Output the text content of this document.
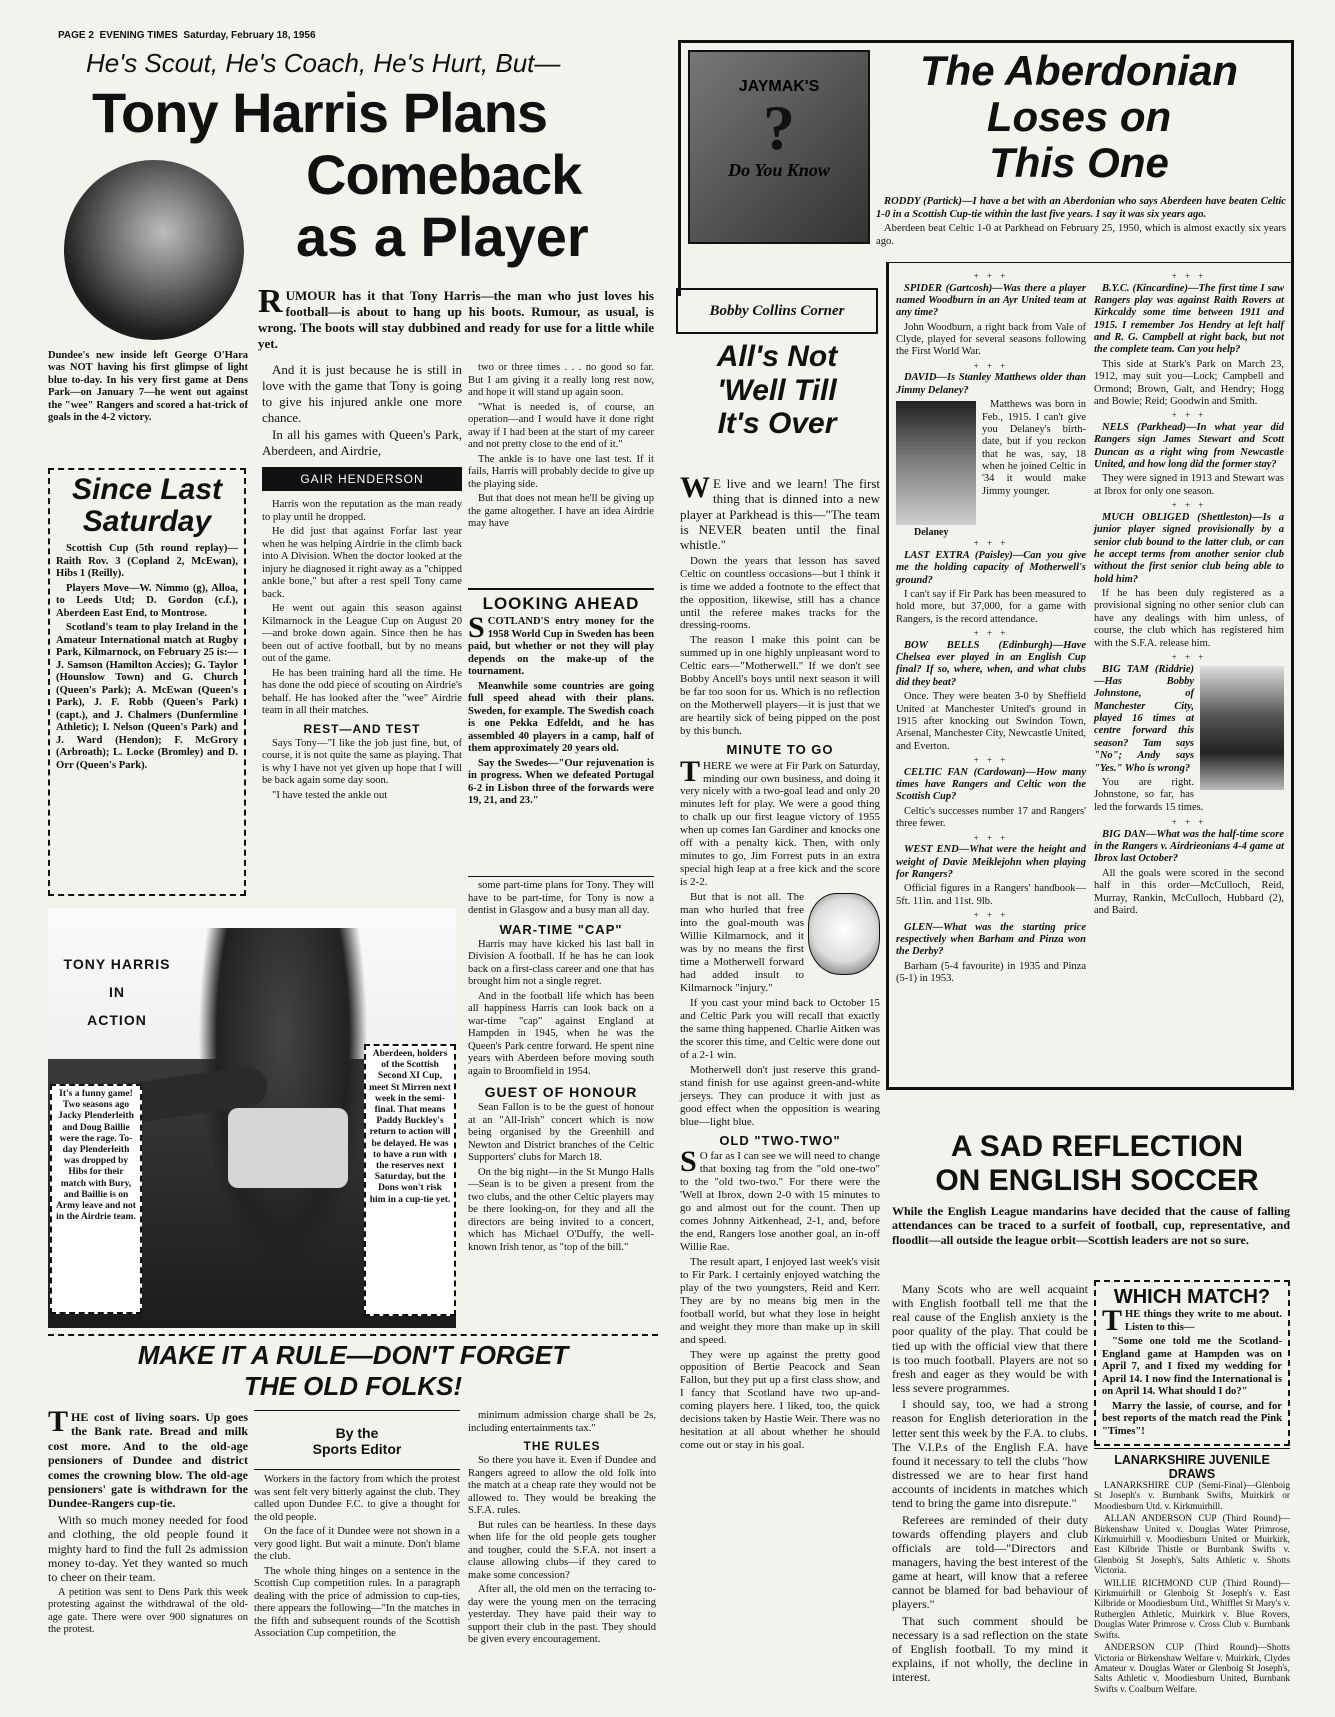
PAGE 2 EVENING TIMES Saturday, February 18, 1956
He's Scout, He's Coach, He's Hurt, But—
Tony Harris Plans
Comeback
as a Player
Dundee's new inside left George O'Hara was NOT having his first glimpse of light blue to-day. In his very first game at Dens Park—on January 7—he went out against the "wee" Rangers and scored a hat-trick of goals in the 4-2 victory.
Since Last
Saturday

Scottish Cup (5th round replay)—Raith Rov. 3 (Copland 2, McEwan), Hibs 1 (Reilly).

Players Move—W. Nimmo (g), Alloa, to Leeds Utd; D. Gordon (c.f.), Aberdeen East End, to Montrose.

Scotland's team to play Ireland in the Amateur International match at Rugby Park, Kilmarnock, on February 25 is:—J. Samson (Hamilton Accies); G. Taylor (Hounslow Town) and G. Church (Queen's Park); A. McEwan (Queen's Park), J. F. Robb (Queen's Park) (capt.), and J. Chalmers (Dunfermline Athletic); I. Nelson (Queen's Park) and J. Ward (Hendon); F. McGrory (Arbroath); L. Locke (Bromley) and D. Orr (Queen's Park).

RUMOUR has it that Tony Harris—the man who just loves his football—is about to hang up his boots. Rumour, as usual, is wrong. The boots will stay dubbined and ready for use for a little while yet.

And it is just because he is still in love with the game that Tony is going to give his injured ankle one more chance.

In all his games with Queen's Park, Aberdeen, and Airdrie,

GAIR HENDERSON

Harris won the reputation as the man ready to play until he dropped.

He did just that against Forfar last year when he was helping Airdrie in the climb back into A Division. When the doctor looked at the injury he diagnosed it right away as a "chipped ankle bone," but after a rest spell Tony came back.

He went out again this season against Kilmarnock in the League Cup on August 20—and broke down again. Since then he has been out of active football, but by no means out of the game.

He has been training hard all the time. He has done the odd piece of scouting on Airdrie's behalf. He has looked after the "wee" Airdrie team in all their matches.

REST—AND TEST

Says Tony—"I like the job just fine, but, of course, it is not quite the same as playing. That is why I have not yet given up hope that I will be back again some day soon.

"I have tested the ankle out

two or three times . . . no good so far. But I am giving it a really long rest now, and hope it will stand up again soon.

"What is needed is, of course, an operation—and I would have it done right away if I had been at the start of my career and not pretty close to the end of it."

The ankle is to have one last test. If it fails, Harris will probably decide to give up the playing side.

But that does not mean he'll be giving up the game altogether. I have an idea Airdrie may have

LOOKING AHEAD

SCOTLAND'S entry money for the 1958 World Cup in Sweden has been paid, but whether or not they will play depends on the make-up of the tournament.

Meanwhile some countries are going full speed ahead with their plans. Sweden, for example. The Swedish coach is one Pekka Edfeldt, and he has assembled 40 players in a camp, half of them approximately 20 years old.

Say the Swedes—"Our rejuvenation is in progress. When we defeated Portugal 6-2 in Lisbon three of the forwards were 19, 21, and 23."

some part-time plans for Tony. They will have to be part-time, for Tony is now a dentist in Glasgow and a busy man all day.

WAR-TIME "CAP"

Harris may have kicked his last ball in Division A football. If he has he can look back on a first-class career and one that has brought him not a single regret.

And in the football life which has been all happiness Harris can look back on a war-time "cap" against England at Hampden in 1945, when he was the Queen's Park centre forward. He spent nine years with Aberdeen before moving south again to Broomfield in 1954.

GUEST OF HONOUR

Sean Fallon is to be the guest of honour at an "All-Irish" concert which is now being organised by the Greenhill and Newton and District branches of the Celtic Supporters' clubs for March 18.

On the big night—in the St Mungo Halls—Sean is to be given a present from the two clubs, and the other Celtic players may be there looking-on, for they and all the directors are being invited to a concert, which has Michael O'Duffy, the well-known Irish tenor, as "top of the bill."

TONY HARRIS
IN
ACTION
It's a funny game! Two seasons ago Jacky Plenderleith and Doug Baillie were the rage. To-day Plenderleith was dropped by Hibs for their match with Bury, and Baillie is on Army leave and not in the Airdrie team.
Aberdeen, holders of the Scottish Second XI Cup, meet St Mirren next week in the semi-final. That means Paddy Buckley's return to action will be delayed. He was to have a run with the reserves next Saturday, but the Dons won't risk him in a cup-tie yet.
MAKE IT A RULE—DON'T FORGET
THE OLD FOLKS!

THE cost of living soars. Up goes the Bank rate. Bread and milk cost more. And to the old-age pensioners of Dundee and district comes the crowning blow. The old-age pensioners' gate is withdrawn for the Dundee-Rangers cup-tie.

With so much money needed for food and clothing, the old people found it mighty hard to find the full 2s admission money to-day. Yet they wanted so much to cheer on their team.

A petition was sent to Dens Park this week protesting against the withdrawal of the old-age gate. There were over 900 signatures on the protest.

By the
Sports Editor

Workers in the factory from which the protest was sent felt very bitterly against the club. They called upon Dundee F.C. to give a thought for the old people.

On the face of it Dundee were not shown in a very good light. But wait a minute. Don't blame the club.

The whole thing hinges on a sentence in the Scottish Cup competition rules. In a paragraph dealing with the price of admission to cup-ties, there appears the following—"In the matches in the fifth and subsequent rounds of the Scottish Association Cup competition, the

minimum admission charge shall be 2s, including entertainments tax."

THE RULES

So there you have it. Even if Dundee and Rangers agreed to allow the old folk into the match at a cheap rate they would not be allowed to. They would be breaking the S.F.A. rules.

But rules can be heartless. In these days when life for the old people gets tougher and tougher, could the S.F.A. not insert a clause allowing clubs—if they cared to make some concession?

After all, the old men on the terracing to-day were the young men on the terracing yesterday. They have paid their way to support their club in the past. They should be given every encouragement.

Bobby Collins Corner
All's Not
'Well Till
It's Over

W E live and we learn! The first thing that is dinned into a new player at Parkhead is this—"The team is NEVER beaten until the final whistle."

Down the years that lesson has saved Celtic on countless occasions—but I think it is time we added a footnote to the effect that the opposition, likewise, still has a chance until the referee makes tracks for the dressing-rooms.

The reason I make this point can be summed up in one highly unpleasant word to Celtic ears—"Motherwell." If we don't see Bobby Ancell's boys until next season it will be far too soon for us. Which is no reflection on the Motherwell players—it is just that we are heartily sick of being pipped on the post by this bunch.

MINUTE TO GO

THERE we were at Fir Park on Saturday, minding our own business, and doing it very nicely with a two-goal lead and only 20 minutes left for play. We were a good thing to chalk up our first league victory of 1955 when up comes Ian Gardiner and knocks one off with a penalty kick. Then, with only minutes to go, Jim Forrest puts in an extra special high leap at a free kick and the score is 2-2.

But that is not all. The man who hurled that free into the goal-mouth was Willie Kilmarnock, and it was by no means the first time a Motherwell forward had added insult to Kilmarnock "injury."

If you cast your mind back to October 15 and Celtic Park you will recall that exactly the same thing happened. Charlie Aitken was the scorer this time, and Celtic were done out of a 2-1 win.

Motherwell don't just reserve this grand-stand finish for use against green-and-white jerseys. They can produce it with just as good effect when the opposition is wearing blue—light blue.

OLD "TWO-TWO"

S O far as I can see we will need to change that boxing tag from the "old one-two" to the "old two-two." For there were the 'Well at Ibrox, down 2-0 with 15 minutes to go and almost out for the count. Then up comes Johnny Aitkenhead, 2-1, and, before the end, Rangers lose another goal, an in-off Willie Rae.

The result apart, I enjoyed last week's visit to Fir Park. I certainly enjoyed watching the play of the two youngsters, Reid and Kerr. They are by no means big men in the football world, but what they lose in height and weight they more than make up in skill and speed.

They were up against the pretty good opposition of Bertie Peacock and Sean Fallon, but they put up a first class show, and I fancy that Scotland have two up-and-coming players here. I liked, too, the quick decisions taken by Hastie Weir. There was no hesitation at all about whether he should come out or stay in his goal.

JAYMAK'S
?
Do You Know
The Aberdonian
Loses on
This One

RODDY (Partick)—I have a bet with an Aberdonian who says Aberdeen have beaten Celtic 1-0 in a Scottish Cup-tie within the last five years. I say it was six years ago.

Aberdeen beat Celtic 1-0 at Parkhead on February 25, 1950, which is almost exactly six years ago.

+ + +

SPIDER (Gartcosh)—Was there a player named Woodburn in an Ayr United team at any time?

John Woodburn, a right back from Vale of Clyde, played for several seasons following the First World War.

+ + +

DAVID—Is Stanley Matthews older than Jimmy Delaney?

Delaney

Matthews was born in Feb., 1915. I can't give you Delaney's birth-date, but if you reckon that he was, say, 18 when he joined Celtic in '34 it would make Jimmy younger.

+ + +

LAST EXTRA (Paisley)—Can you give me the holding capacity of Motherwell's ground?

I can't say if Fir Park has been measured to hold more, but 37,000, for a game with Rangers, is the record attendance.

+ + +

BOW BELLS (Edinburgh)—Have Chelsea ever played in an English Cup final? If so, where, when, and what clubs did they beat?

Once. They were beaten 3-0 by Sheffield United at Manchester United's ground in 1915 after knocking out Swindon Town, Arsenal, Manchester City, Newcastle United, and Everton.

+ + +

CELTIC FAN (Cardowan)—How many times have Rangers and Celtic won the Scottish Cup?

Celtic's successes number 17 and Rangers' three fewer.

+ + +

WEST END—What were the height and weight of Davie Meiklejohn when playing for Rangers?

Official figures in a Rangers' handbook—5ft. 11in. and 11st. 9lb.

+ + +

GLEN—What was the starting price respectively when Barham and Pinza won the Derby?

Barham (5-4 favourite) in 1935 and Pinza (5-1) in 1953.

+ + +

B.Y.C. (Kincardine)—The first time I saw Rangers play was against Raith Rovers at Kirkcaldy some time between 1911 and 1915. I remember Jos Hendry at left half and R. G. Campbell at right back, but not the complete team. Can you help?

This side at Stark's Park on March 23, 1912, may suit you—Lock; Campbell and Ormond; Brown, Galt, and Hendry; Hogg and Bowie; Reid; Goodwin and Smith.

+ + +

NELS (Parkhead)—In what year did Rangers sign James Stewart and Scott Duncan as a right wing from Newcastle United, and how long did the former stay?

They were signed in 1913 and Stewart was at Ibrox for only one season.

+ + +

MUCH OBLIGED (Shettleston)—Is a junior player signed provisionally by a senior club bound to the latter club, or can he accept terms from another senior club without the first senior club being able to hold him?

If he has been duly registered as a provisional signing no other senior club can have any dealings with him unless, of course, the club which has registered him with the S.F.A. release him.

+ + +

BIG TAM (Riddrie)—Has Bobby Johnstone, of Manchester City, played 16 times at centre forward this season? Tam says "No"; Andy says "Yes." Who is wrong?

You are right. Johnstone, so far, has led the forwards 15 times.

+ + +

BIG DAN—What was the half-time score in the Rangers v. Airdrieonians 4-4 game at Ibrox last October?

All the goals were scored in the second half in this order—McCulloch, Reid, Murray, Rankin, McCulloch, Hubbard (2), and Baird.

A SAD REFLECTION
ON ENGLISH SOCCER
While the English League mandarins have decided that the cause of falling attendances can be traced to a surfeit of football, cup, representative, and floodlit—all outside the league orbit—Scottish leaders are not so sure.

Many Scots who are well acquaint with English football tell me that the real cause of the English anxiety is the poor quality of the play. That could be tied up with the official view that there is too much football. Players are not so fresh and eager as they would be with less severe programmes.

I should say, too, we had a strong reason for English deterioration in the letter sent this week by the F.A. to clubs. The V.I.P.s of the English F.A. have found it necessary to tell the clubs "how distressed we are to hear first hand accounts of incidents in matches which tend to bring the game into disrepute."

Referees are reminded of their duty towards offending players and club officials are told—"Directors and managers, having the best interest of the game at heart, will know that a referee cannot be blamed for bad behaviour of players."

That such comment should be necessary is a sad reflection on the state of English football. To my mind it explains, if not wholly, the decline in interest.

WHICH MATCH?

THE things they write to me about. Listen to this—

"Some one told me the Scotland-England game at Hampden was on April 7, and I fixed my wedding for April 14. I now find the International is on April 14. What should I do?"

Marry the lassie, of course, and for best reports of the match read the Pink "Times"!

LANARKSHIRE JUVENILE
DRAWS

LANARKSHIRE CUP (Semi-Final)—Glenboig St Joseph's v. Burnbank Swifts, Muirkirk or Moodiesburn Utd. v. Kirkmuirhill.

ALLAN ANDERSON CUP (Third Round)—Birkenshaw United v. Douglas Water Primrose, Kirkmuirhill v. Moodiesburn United or Muirkirk, East Kilbride Thistle or Burnbank Swifts v. Glenboig St Joseph's, Salts Athletic v. Shotts Victoria.

WILLIE RICHMOND CUP (Third Round)—Kirkmuirhill or Glenboig St Joseph's v. East Kilbride or Moodiesburn Utd., Whifflet St Mary's v. Rutherglen Athletic, Muirkirk v. Blue Rovers, Douglas Water Primrose v. Cross Club v. Burnbank Swifts.

ANDERSON CUP (Third Round)—Shotts Victoria or Birkenshaw Welfare v. Muirkirk, Clydes Amateur v. Douglas Water or Glenboig St Joseph's, Salts Athletic v. Moodiesburn United, Burnbank Swifts v. Coalburn Welfare.
